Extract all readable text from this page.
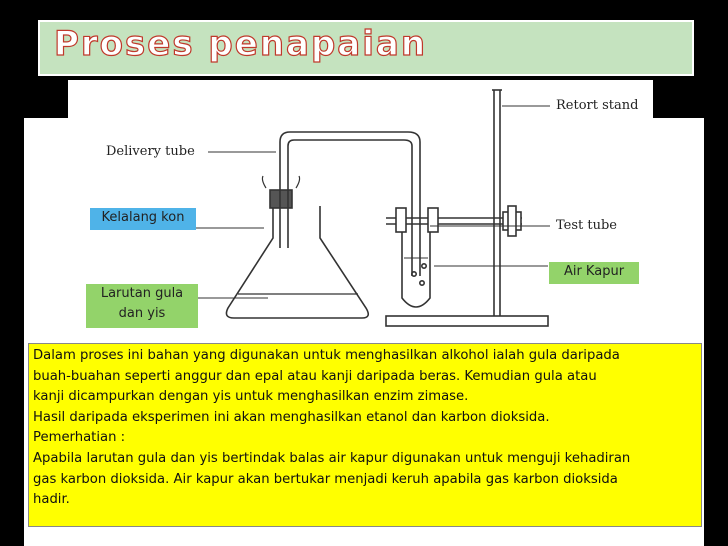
Proses penapaian
Delivery tube
Retort stand
Test tube
Kelalang kon
Larutan gula
dan yis
Air Kapur

Dalam proses ini bahan yang digunakan untuk menghasilkan alkohol ialah gula daripada

buah-buahan seperti anggur dan epal atau kanji daripada beras. Kemudian gula atau

kanji dicampurkan dengan yis untuk menghasilkan enzim zimase.

Hasil daripada eksperimen ini akan menghasilkan etanol dan karbon dioksida.

Pemerhatian :

Apabila larutan gula dan yis bertindak balas air kapur digunakan untuk menguji kehadiran

gas karbon dioksida. Air kapur akan bertukar menjadi keruh apabila gas karbon dioksida

hadir.
